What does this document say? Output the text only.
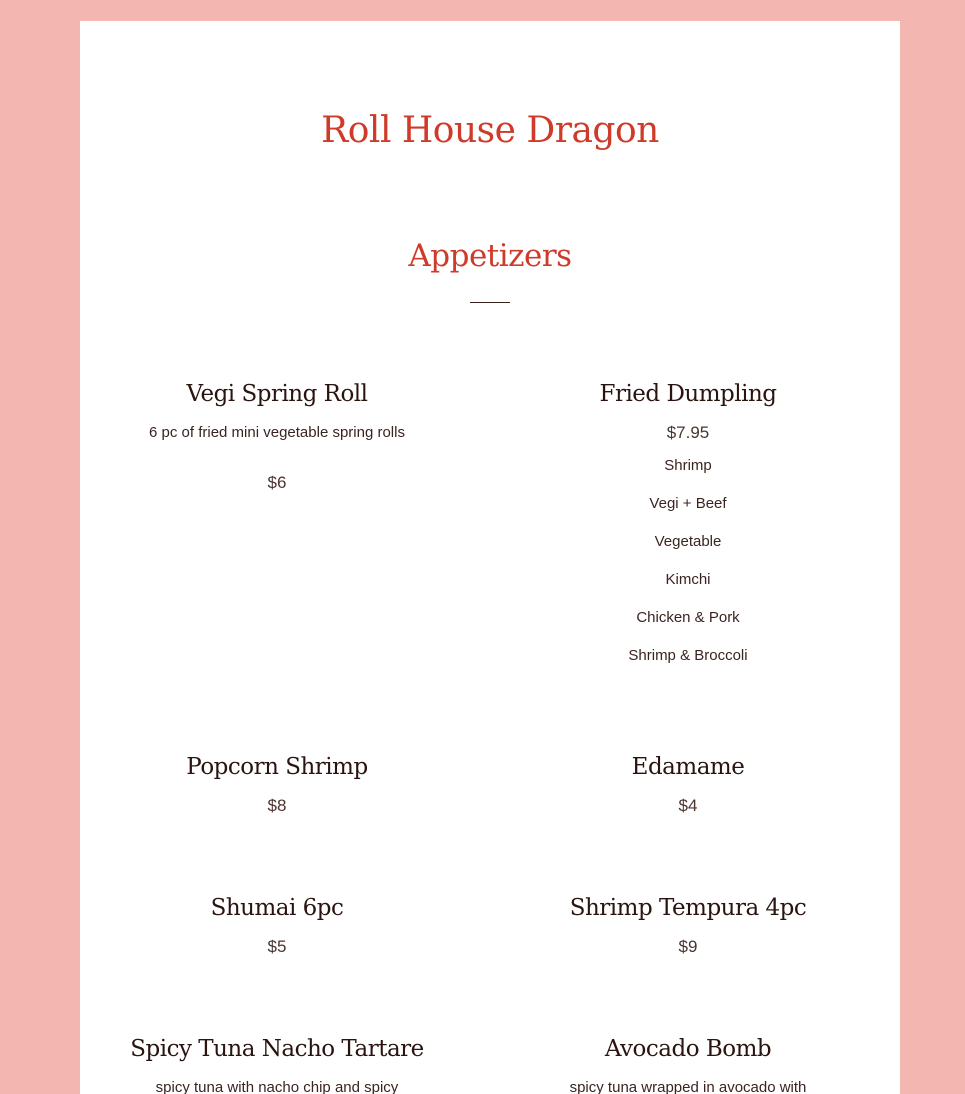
Roll House Dragon
Appetizers
Vegi Spring Roll
6 pc of fried mini vegetable spring rolls
$6
Fried Dumpling
$7.95
Shrimp
Vegi + Beef
Vegetable
Kimchi
Chicken & Pork
Shrimp & Broccoli
Popcorn Shrimp
$8
Edamame
$4
Shumai 6pc
$5
Shrimp Tempura 4pc
$9
Spicy Tuna Nacho Tartare
spicy tuna with nacho chip and spicy
Avocado Bomb
spicy tuna wrapped in avocado with
